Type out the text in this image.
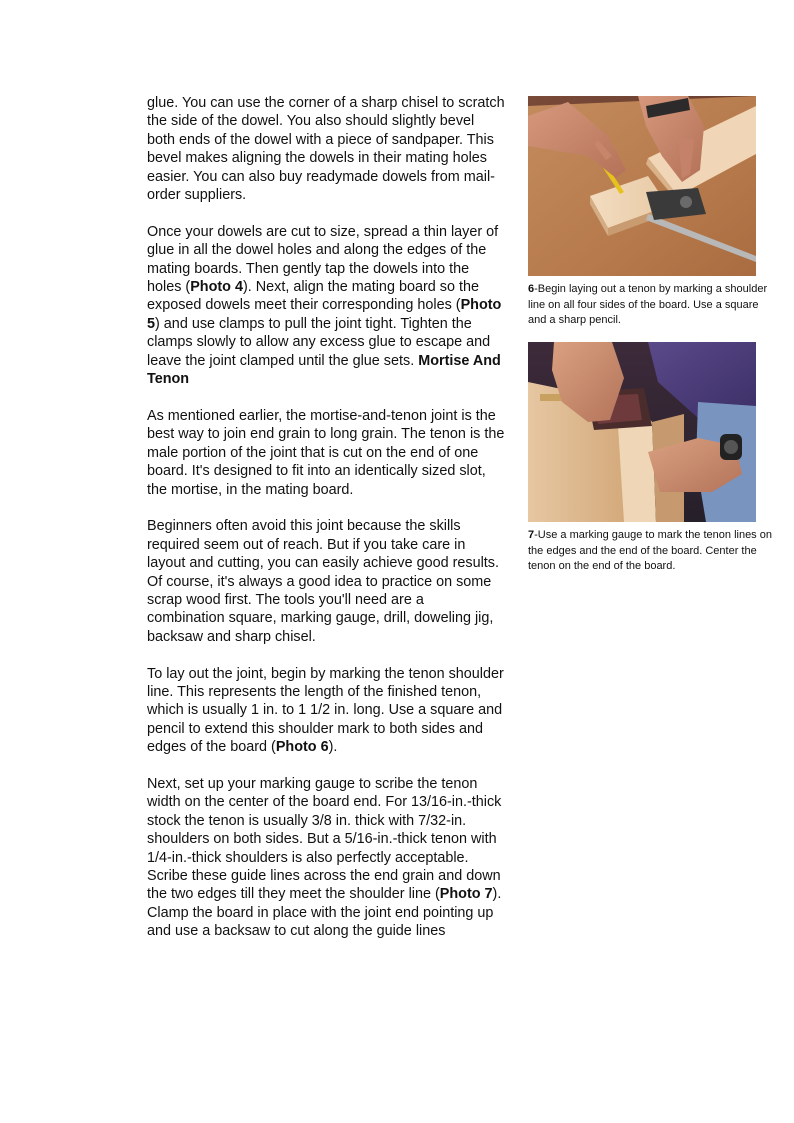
glue. You can use the corner of a sharp chisel to scratch the side of the dowel. You also should slightly bevel both ends of the dowel with a piece of sandpaper. This bevel makes aligning the dowels in their mating holes easier. You can also buy readymade dowels from mail-order suppliers.

Once your dowels are cut to size, spread a thin layer of glue in all the dowel holes and along the edges of the mating boards. Then gently tap the dowels into the holes (Photo 4). Next, align the mating board so the exposed dowels meet their corresponding holes (Photo 5) and use clamps to pull the joint tight. Tighten the clamps slowly to allow any excess glue to escape and leave the joint clamped until the glue sets. Mortise And Tenon

As mentioned earlier, the mortise-and-tenon joint is the best way to join end grain to long grain. The tenon is the male portion of the joint that is cut on the end of one board. It's designed to fit into an identically sized slot, the mortise, in the mating board.

Beginners often avoid this joint because the skills required seem out of reach. But if you take care in layout and cutting, you can easily achieve good results. Of course, it's always a good idea to practice on some scrap wood first. The tools you'll need are a combination square, marking gauge, drill, doweling jig, backsaw and sharp chisel.

To lay out the joint, begin by marking the tenon shoulder line. This represents the length of the finished tenon, which is usually 1 in. to 1 1/2 in. long. Use a square and pencil to extend this shoulder mark to both sides and edges of the board (Photo 6).

Next, set up your marking gauge to scribe the tenon width on the center of the board end. For 13/16-in.-thick stock the tenon is usually 3/8 in. thick with 7/32-in. shoulders on both sides. But a 5/16-in.-thick tenon with 1/4-in.-thick shoulders is also perfectly acceptable. Scribe these guide lines across the end grain and down the two edges till they meet the shoulder line (Photo 7). Clamp the board in place with the joint end pointing up and use a backsaw to cut along the guide lines

6-Begin laying out a tenon by marking a shoulder line on all four sides of the board. Use a square and a sharp pencil.
7-Use a marking gauge to mark the tenon lines on the edges and the end of the board. Center the tenon on the end of the board.
